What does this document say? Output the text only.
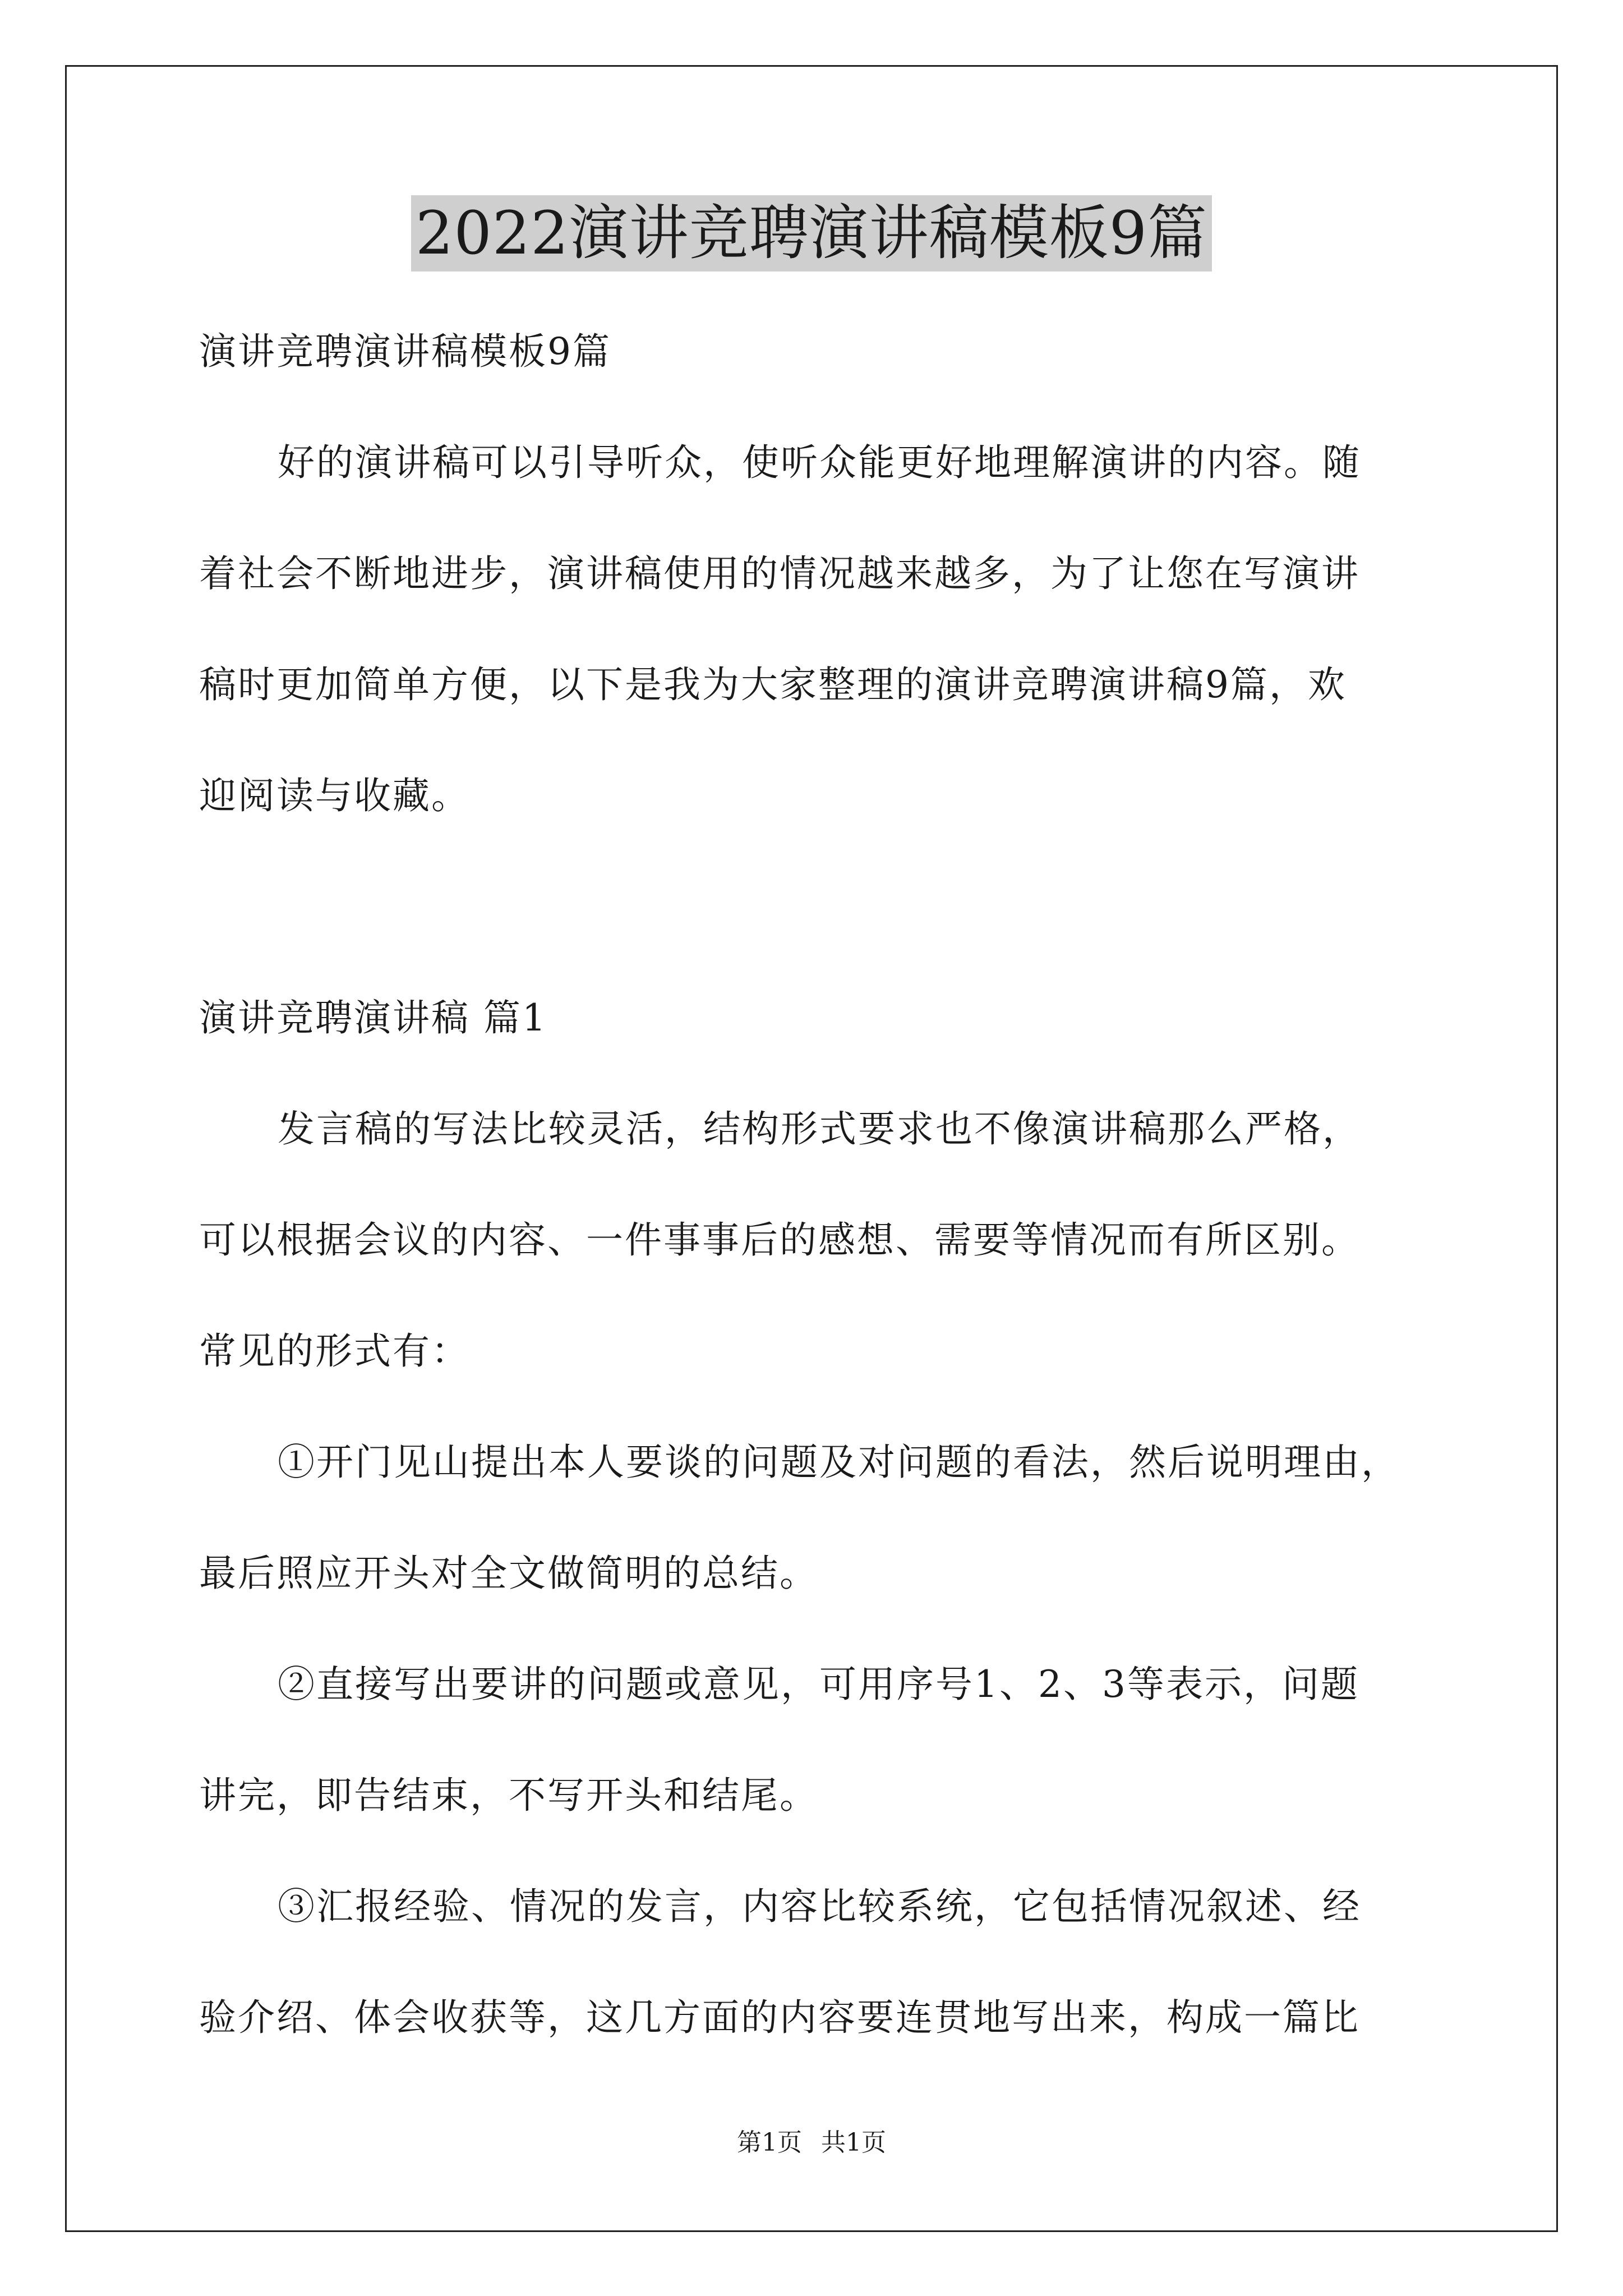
2022演讲竞聘演讲稿模板9篇
演讲竞聘演讲稿模板9篇
好的演讲稿可以引导听众，使听众能更好地理解演讲的内容。随
着社会不断地进步，演讲稿使用的情况越来越多，为了让您在写演讲
稿时更加简单方便，以下是我为大家整理的演讲竞聘演讲稿9篇，欢
迎阅读与收藏。
演讲竞聘演讲稿 篇1
发言稿的写法比较灵活，结构形式要求也不像演讲稿那么严格，
可以根据会议的内容、一件事事后的感想、需要等情况而有所区别。
常见的形式有：
①开门见山提出本人要谈的问题及对问题的看法，然后说明理由，
最后照应开头对全文做简明的总结。
②直接写出要讲的问题或意见，可用序号1、2、3等表示，问题
讲完，即告结束，不写开头和结尾。
③汇报经验、情况的发言，内容比较系统，它包括情况叙述、经
验介绍、体会收获等，这几方面的内容要连贯地写出来，构成一篇比
第1页 共1页
